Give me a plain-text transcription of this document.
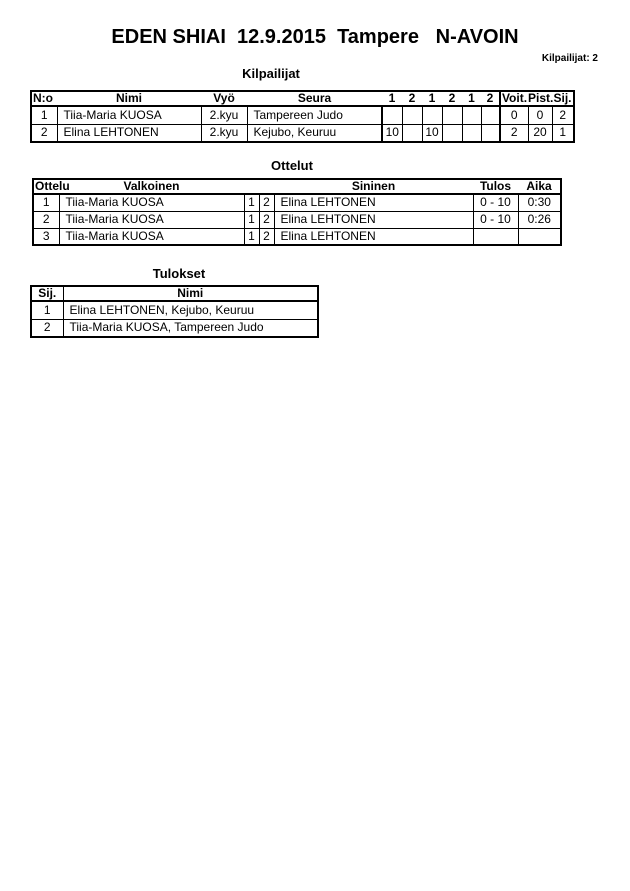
EDEN SHIAI  12.9.2015  Tampere   N-AVOIN
Kilpailijat: 2
Kilpailijat
N:o	Nimi	Vyö	Seura	1	2	1	2	1	2	Voit.	Pist.	Sij.
1	Tiia-Maria KUOSA	2.kyu	Tampereen Judo							0	0	2
2	Elina LEHTONEN	2.kyu	Kejubo, Keuruu	10		10				2	20	1
Ottelut
Ottelu	Valkoinen			Sininen	Tulos	Aika
1	Tiia-Maria KUOSA	1	2	Elina LEHTONEN	0 - 10	0:30
2	Tiia-Maria KUOSA	1	2	Elina LEHTONEN	0 - 10	0:26
3	Tiia-Maria KUOSA	1	2	Elina LEHTONEN		
Tulokset
Sij.	Nimi
1	Elina LEHTONEN, Kejubo, Keuruu
2	Tiia-Maria KUOSA, Tampereen Judo
